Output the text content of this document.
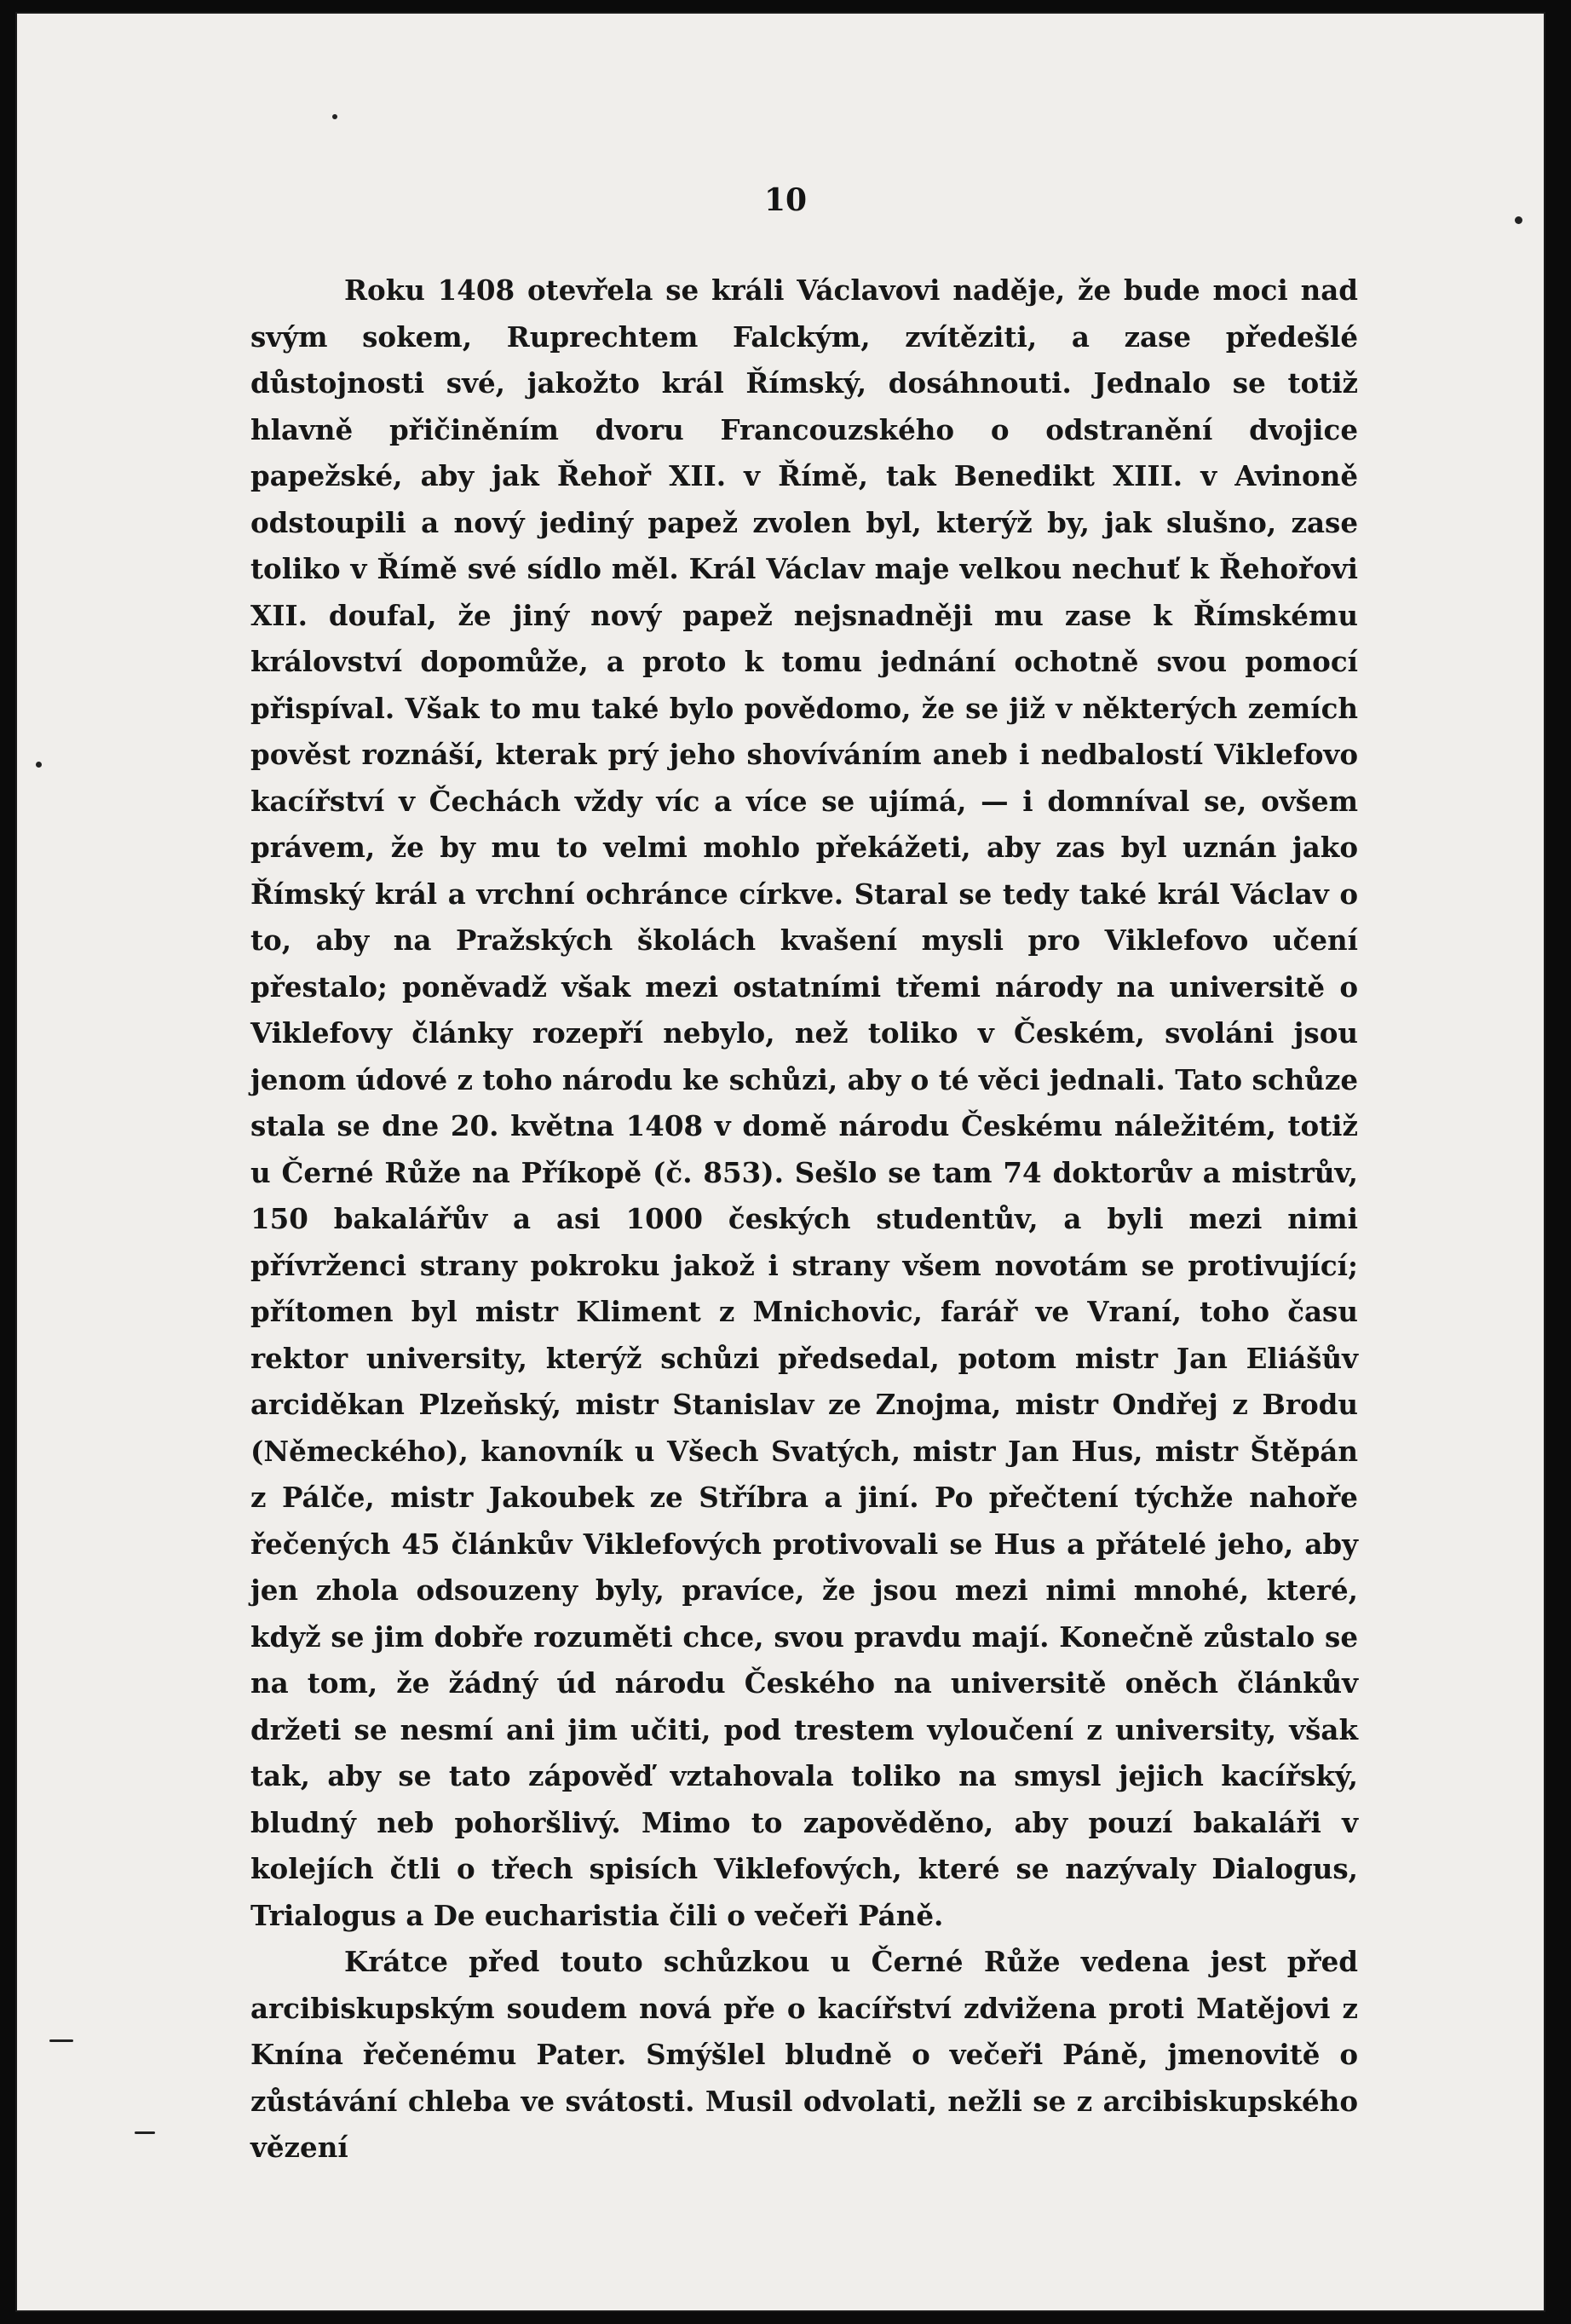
10

Roku 1408 otevřela se králi Václavovi naděje, že bude moci nad svým sokem, Ruprechtem Falckým, zvítěziti, a zase předešlé důstojnosti své, jakožto král Římský, dosáhnouti. Jednalo se totiž hlavně přičiněním dvoru Francouzského o odstranění dvojice papežské, aby jak Řehoř XII. v Římě, tak Benedikt XIII. v Avinoně odstoupili a nový jediný papež zvolen byl, kterýž by, jak slušno, zase toliko v Římě své sídlo měl. Král Václav maje velkou nechuť k Řehořovi XII. doufal, že jiný nový papež nejsnadněji mu zase k Římskému království dopomůže, a proto k tomu jednání ochotně svou pomocí přispíval. Však to mu také bylo povědomo, že se již v některých zemích pověst roznáší, kterak prý jeho shovíváním aneb i nedbalostí Viklefovo kacířství v Čechách vždy víc a více se ujímá, — i domníval se, ovšem právem, že by mu to velmi mohlo překážeti, aby zas byl uznán jako Římský král a vrchní ochránce církve. Staral se tedy také král Václav o to, aby na Pražských školách kvašení mysli pro Viklefovo učení přestalo; poněvadž však mezi ostatními třemi národy na universitě o Viklefovy články rozepří nebylo, než toliko v Českém, svoláni jsou jenom údové z toho národu ke schůzi, aby o té věci jednali. Tato schůze stala se dne 20. května 1408 v domě národu Českému náležitém, totiž u Černé Růže na Příkopě (č. 853). Sešlo se tam 74 doktorův a mistrův, 150 bakalářův a asi 1000 českých studentův, a byli mezi nimi přívrženci strany pokroku jakož i strany všem novotám se protivující; přítomen byl mistr Kliment z Mnichovic, farář ve Vraní, toho času rektor university, kterýž schůzi předsedal, potom mistr Jan Eliášův arciděkan Plzeňský, mistr Stanislav ze Znojma, mistr Ondřej z Brodu (Německého), kanovník u Všech Svatých, mistr Jan Hus, mistr Štěpán z Pálče, mistr Jakoubek ze Stříbra a jiní. Po přečtení týchže nahoře řečených 45 článkův Viklefových protivovali se Hus a přátelé jeho, aby jen zhola odsouzeny byly, pravíce, že jsou mezi nimi mnohé, které, když se jim dobře rozuměti chce, svou pravdu mají. Konečně zůstalo se na tom, že žádný úd národu Českého na universitě oněch článkův držeti se nesmí ani jim učiti, pod trestem vyloučení z university, však tak, aby se tato zápověď vztahovala toliko na smysl jejich kacířský, bludný neb pohoršlivý. Mimo to zapověděno, aby pouzí bakaláři v kolejích čtli o třech spisích Viklefových, které se nazývaly Dialogus, Trialogus a De eucharistia čili o večeři Páně.

Krátce před touto schůzkou u Černé Růže vedena jest před arcibiskupským soudem nová pře o kacířství zdvižena proti Matějovi z Knína řečenému Pater. Smýšlel bludně o večeři Páně, jmenovitě o zůstávání chleba ve svátosti. Musil odvolati, nežli se z arcibiskupského vězení
